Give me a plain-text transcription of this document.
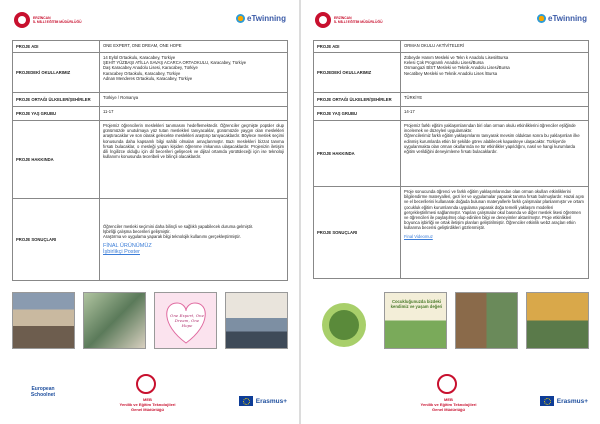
ERZİNCAN
İL MİLLİ EĞİTİM MÜDÜRLÜĞÜ	eTwinning
PROJE ADI	ONE EXPERT, ONE DREAM, ONE HOPE
PROJEDEKİ OKULLARIMIZ	14 Eylül Ortaokulu, Karacabey, Türkiye
ŞEHİT YÜZBAŞI ATİLLA SAVAŞ ACARCA ORTAOKULU, Karacabey, Türkiye
Daş Karacabey Anadolu Lisesi, Karacabey, Türkiye
Karacabey Ortaokulu, Karacabey, Türkiye
Adnan Menderes Ortaokulu, Karacabey, Türkiye
PROJE ORTAĞI ÜLKELER/ŞEHİRLER	Türkiye / Romanya
PROJE YAŞ GRUBU	11-17
PROJE HAKKINDA	Projemiz öğrencilerin meslekleri tanımasını hedeflemektedir. Öğrenciler geçmişte popüler olup günümüzde unutulmaya yüz tutan meslekleri tanıyacaklar, günümüzde yaygın olan meslekleri araştıracaklar ve son olarak gelecekte meslekleri araştırıp tanıyacaklardır. Böylece meslek seçimi konusunda daha kapsamlı bilgi sahibi olmaları amaçlanmıştır. Bazı meslekleri bizzat tanıma fırsatı bulacaklar, o mesleği yapan kişiden öğrenme imkanına ulaşacaklardır. Projenizin iletişim dili İngilizce olduğu için dil becerileri gelişecek ve dijital ortamda yürütüleceği için ise teknoloji kullanımı konusunda teceribeli ve bilinçli olacaklardır.
PROJE SONUÇLARI	Öğrenciler mesleki seçimini daha bilinçli ve sağlıklı yapabilecek duruma gelmiştir.
İşbirliği çalışma becerileri gelişmiştir.
Araştırma ve uygulama yaparak bilgi teknolojik kullanımı gerçekleştirmiştir.
FİNAL ÜRÜNÜMÜZ
İşbirlikçi Poster
One Expert, One Dream, One Hope
European
Schoolnet
MEB
Yenilik ve Eğitim Teknolojileri
Genel Müdürlüğü
Erasmus+
ERZİNCAN
İL MİLLİ EĞİTİM MÜDÜRLÜĞÜ	eTwinning
PROJE ADI	ORMAN OKULU AKTİVİTELERİ
PROJEDEKİ OKULLARIMIZ	Zübeyde Hanım Mesleki ve Tekn k Anadolu Lisesi/Bursa
Kelesi Çok Programlı Anadolu Lisesi/Bursa
Osmangazi BİST Mesleki ve Teknik Anadolu Lisesi/Bursa
Necatibey Mesleki ve Teknik Anadolu Lises /Bursa
PROJE ORTAĞI ÜLKELER/ŞEHİRLER	TÜRKİYE
PROJE YAŞ GRUBU	14-17
PROJE HAKKINDA	Projemiz farklı eğitim yaklaşımlarından biri olan orman okulu etkinliklerini öğrenciler eşliğinde incelemek ve düzeyleri uygulamaktır.
Öğrencilerimiz farklı eğitim yaklaşımlarını tanıyarak mevsim olduktan sonra bu yaklaşımları ilke edinmiş kurumlarda etkin bir şekilde görev alabilecek kapasiteye ulaşacaktır. Türkiye'de uygulanmakta olan orman okullarında ne tür etkinlikler yapıldığını, nasıl ve hangi kurumlarda eğitim verildiğini deneyimleme fırsatı bulacaklardır.
PROJE SONUÇLARI	Proje sonucunda öğrenci ve farklı eğitim yaklaşımlarından olan orman okulları etkinliklerini bilgilendirme materyalleri, gezi ler ve uygulamalar yaparak tanıma fırsatı bulmuşlardır. Hazal açısı ve el becerilerini kullanarak doğada bulunan materyallerle farklı çalışmalar planlanmıştır ve ortam çocukluk eğitim kurumlarında uygulama yaparak doğa temelli yaklaşım modelleri gerçekleştirilmesi sağlanmıştır. Yapılan çalışmalar okul basında ve diğer meslek lisesi öğretmen ve öğrencileri ile paylaşılmış olup edinilen bilgi ve deneyimler aktarılmıştır. Proje etkinlikleri boyunca işbirliği ve ortak iletişim planları geliştirilmiştir. Öğrenciler etkinlik web2 araçları etkin kullanma becerisi geliştirdikleri gözlenmiştir.
Final Videomuz
Cocukluğunuzda bizdeki kendimiz ve yaşam değeri
MEB
Yenilik ve Eğitim Teknolojileri
Genel Müdürlüğü
Erasmus+
